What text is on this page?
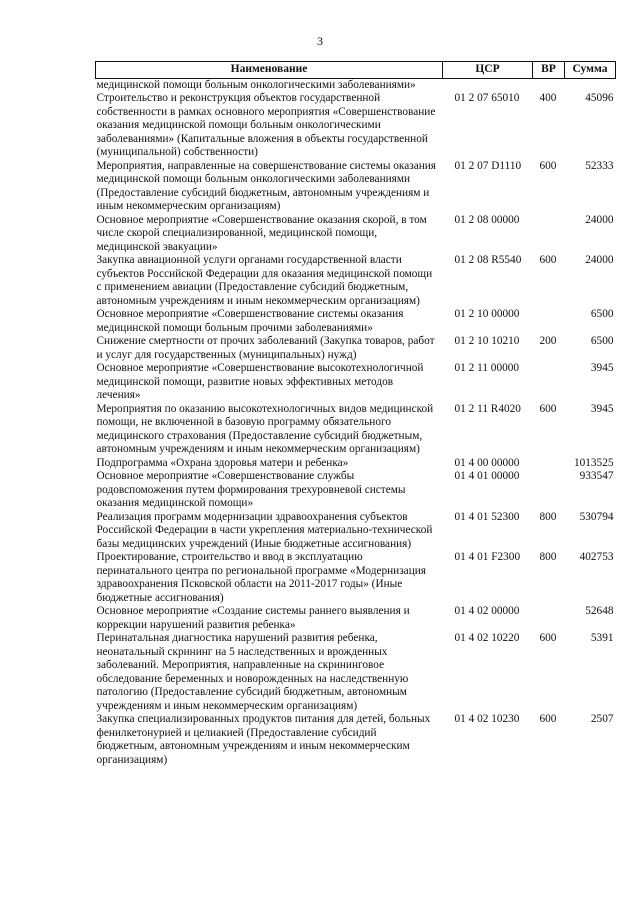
3
Наименование	ЦСР	ВР	Сумма
медицинской помощи больным онкологическими заболеваниями»			
Строительство и реконструкция объектов государственной собственности в рамках основного мероприятия «Совершенствование оказания медицинской помощи больным онкологическими заболеваниями» (Капитальные вложения в объекты государственной (муниципальной) собственности)	01 2 07 65010	400	45096
Мероприятия, направленные на совершенствование системы оказания медицинской помощи больным онкологическими заболеваниями (Предоставление субсидий бюджетным, автономным учреждениям и иным некоммерческим организациям)	01 2 07 D1110	600	52333
Основное мероприятие «Совершенствование оказания скорой, в том числе скорой специализированной, медицинской помощи, медицинской эвакуации»	01 2 08 00000		24000
Закупка авиационной услуги органами государственной власти субъектов Российской Федерации для оказания медицинской помощи с применением авиации (Предоставление субсидий бюджетным, автономным учреждениям и иным некоммерческим организациям)	01 2 08 R5540	600	24000
Основное мероприятие «Совершенствование системы оказания медицинской помощи больным прочими заболеваниями»	01 2 10 00000		6500
Снижение смертности от прочих заболеваний (Закупка товаров, работ и услуг для государственных (муниципальных) нужд)	01 2 10 10210	200	6500
Основное мероприятие «Совершенствование высокотехнологичной медицинской помощи, развитие новых эффективных методов лечения»	01 2 11 00000		3945
Мероприятия по оказанию высокотехнологичных видов медицинской помощи, не включенной в базовую программу обязательного медицинского страхования (Предоставление субсидий бюджетным, автономным учреждениям и иным некоммерческим организациям)	01 2 11 R4020	600	3945
Подпрограмма «Охрана здоровья матери и ребенка»	01 4 00 00000		1013525
Основное мероприятие «Совершенствование службы родовспоможения путем формирования трехуровневой системы оказания медицинской помощи»	01 4 01 00000		933547
Реализация программ модернизации здравоохранения субъектов Российской Федерации в части укрепления материально-технической базы медицинских учреждений (Иные бюджетные ассигнования)	01 4 01 52300	800	530794
Проектирование, строительство и ввод в эксплуатацию перинатального центра по региональной программе «Модернизация здравоохранения Псковской области на 2011-2017 годы» (Иные бюджетные ассигнования)	01 4 01 F2300	800	402753
Основное мероприятие «Создание системы раннего выявления и коррекции нарушений развития ребенка»	01 4 02 00000		52648
Перинатальная диагностика нарушений развития ребенка, неонатальный скрининг на 5 наследственных и врожденных заболеваний. Мероприятия, направленные на скрининговое обследование беременных и новорожденных на наследственную патологию (Предоставление субсидий бюджетным, автономным учреждениям и иным некоммерческим организациям)	01 4 02 10220	600	5391
Закупка специализированных продуктов питания для детей, больных фенилкетонурией и целиакией (Предоставление субсидий бюджетным, автономным учреждениям и иным некоммерческим организациям)	01 4 02 10230	600	2507
